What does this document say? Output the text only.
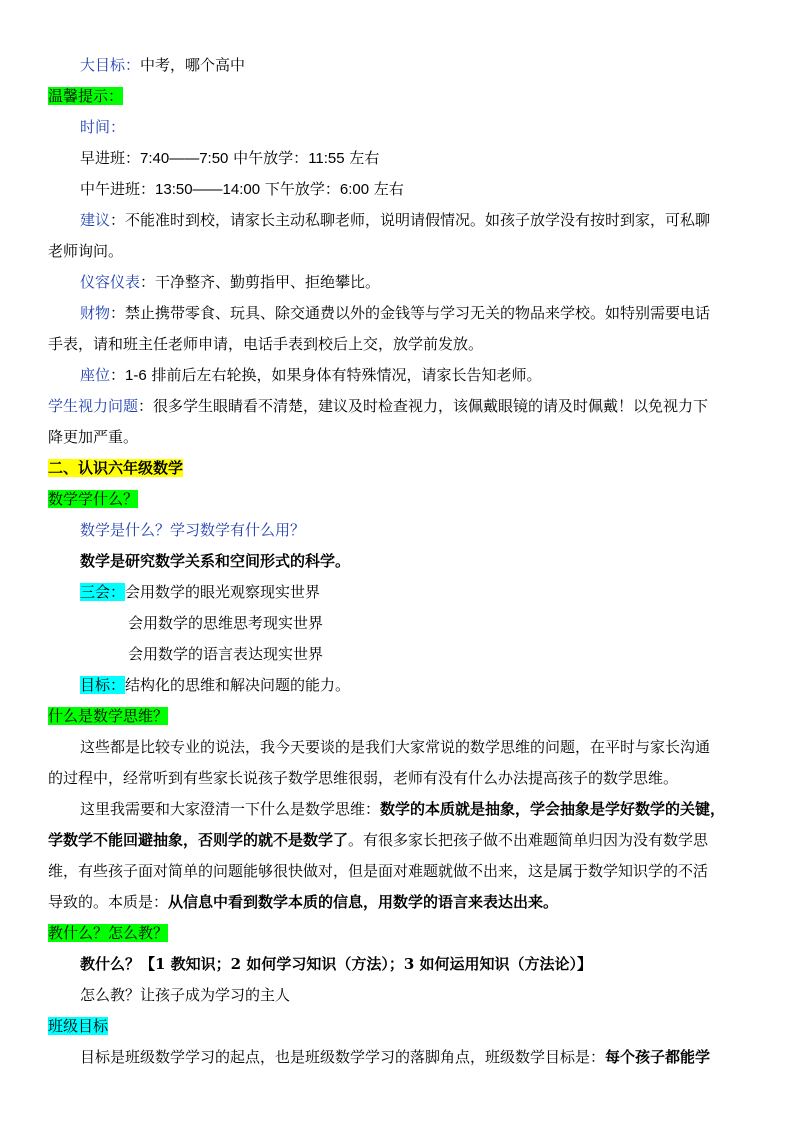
大目标：中考，哪个高中
温馨提示：
时间：
早进班：7:40——7:50 中午放学：11:55 左右
中午进班：13:50——14:00 下午放学：6:00 左右
建议：不能准时到校，请家长主动私聊老师，说明请假情况。如孩子放学没有按时到家，可私聊
老师询问。
仪容仪表：干净整齐、勤剪指甲、拒绝攀比。
财物：禁止携带零食、玩具、除交通费以外的金钱等与学习无关的物品来学校。如特别需要电话
手表，请和班主任老师申请，电话手表到校后上交，放学前发放。
座位：1-6 排前后左右轮换，如果身体有特殊情况，请家长告知老师。
学生视力问题：很多学生眼睛看不清楚，建议及时检查视力，该佩戴眼镜的请及时佩戴！以免视力下
降更加严重。
二、认识六年级数学
数学学什么？
数学是什么？学习数学有什么用？
数学是研究数学关系和空间形式的科学。
三会：会用数学的眼光观察现实世界
会用数学的思维思考现实世界
会用数学的语言表达现实世界
目标：结构化的思维和解决问题的能力。
什么是数学思维？
这些都是比较专业的说法，我今天要谈的是我们大家常说的数学思维的问题，在平时与家长沟通
的过程中，经常听到有些家长说孩子数学思维很弱，老师有没有什么办法提高孩子的数学思维。
这里我需要和大家澄清一下什么是数学思维：数学的本质就是抽象，学会抽象是学好数学的关键，
学数学不能回避抽象，否则学的就不是数学了。有很多家长把孩子做不出难题简单归因为没有数学思
维，有些孩子面对简单的问题能够很快做对，但是面对难题就做不出来，这是属于数学知识学的不活
导致的。本质是：从信息中看到数学本质的信息，用数学的语言来表达出来。
教什么？怎么教？
教什么？【1 教知识；2 如何学习知识（方法）；3 如何运用知识（方法论）】
怎么教？让孩子成为学习的主人
班级目标
目标是班级数学学习的起点，也是班级数学学习的落脚角点，班级数学目标是：每个孩子都能学
